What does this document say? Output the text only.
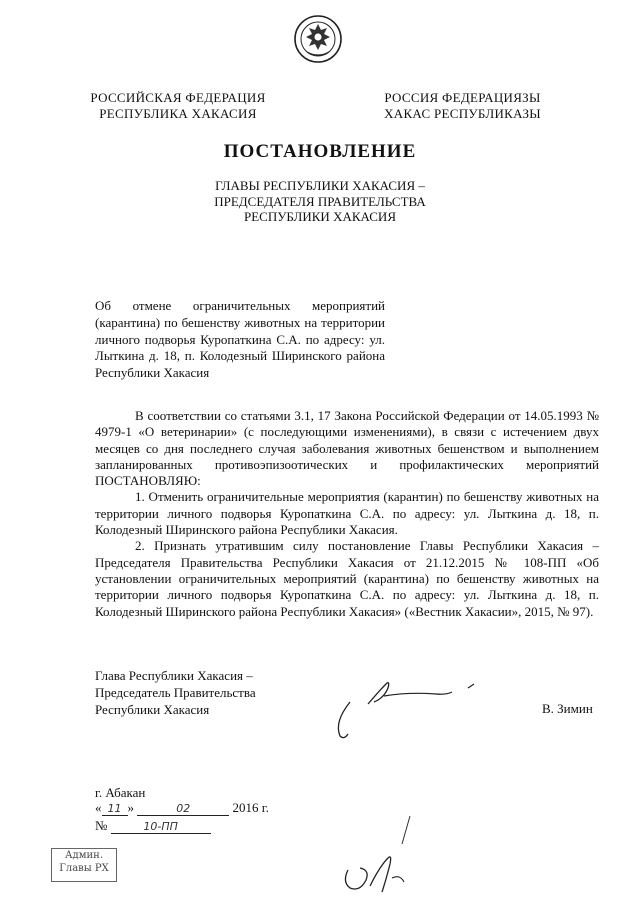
РОССИЙСКАЯ ФЕДЕРАЦИЯ
РЕСПУБЛИКА ХАКАСИЯ
РОССИЯ ФЕДЕРАЦИЯЗЫ
ХАКАС РЕСПУБЛИКАЗЫ
ПОСТАНОВЛЕНИЕ
ГЛАВЫ РЕСПУБЛИКИ ХАКАСИЯ –
ПРЕДСЕДАТЕЛЯ ПРАВИТЕЛЬСТВА
РЕСПУБЛИКИ ХАКАСИЯ
Об отмене ограничительных мероприятий (карантина) по бешенству животных на территории личного подворья Куропаткина С.А. по адресу: ул. Лыткина д. 18, п. Колодезный Ширинского района Республики Хакасия

В соответствии со статьями 3.1, 17 Закона Российской Федерации от 14.05.1993 № 4979-1 «О ветеринарии» (с последующими изменениями), в связи с истечением двух месяцев со дня последнего случая заболевания животных бешенством и выполнением запланированных противоэпизоотических и профилактических мероприятий ПОСТАНОВЛЯЮ:

1. Отменить ограничительные мероприятия (карантин) по бешенству животных на территории личного подворья Куропаткина С.А. по адресу: ул. Лыткина д. 18, п. Колодезный Ширинского района Республики Хакасия.

2. Признать утратившим силу постановление Главы Республики Хакасия – Председателя Правительства Республики Хакасия от 21.12.2015 № 108-ПП «Об установлении ограничительных мероприятий (карантина) по бешенству животных на территории личного подворья Куропаткина С.А. по адресу: ул. Лыткина д. 18, п. Колодезный Ширинского района Республики Хакасия» («Вестник Хакасии», 2015, № 97).

Глава Республики Хакасия –
Председатель Правительства
Республики Хакасия	В. Зимин
г. Абакан
« 11 »	02	2016 г.
№	10-ПП
Админ.
Главы РХ
